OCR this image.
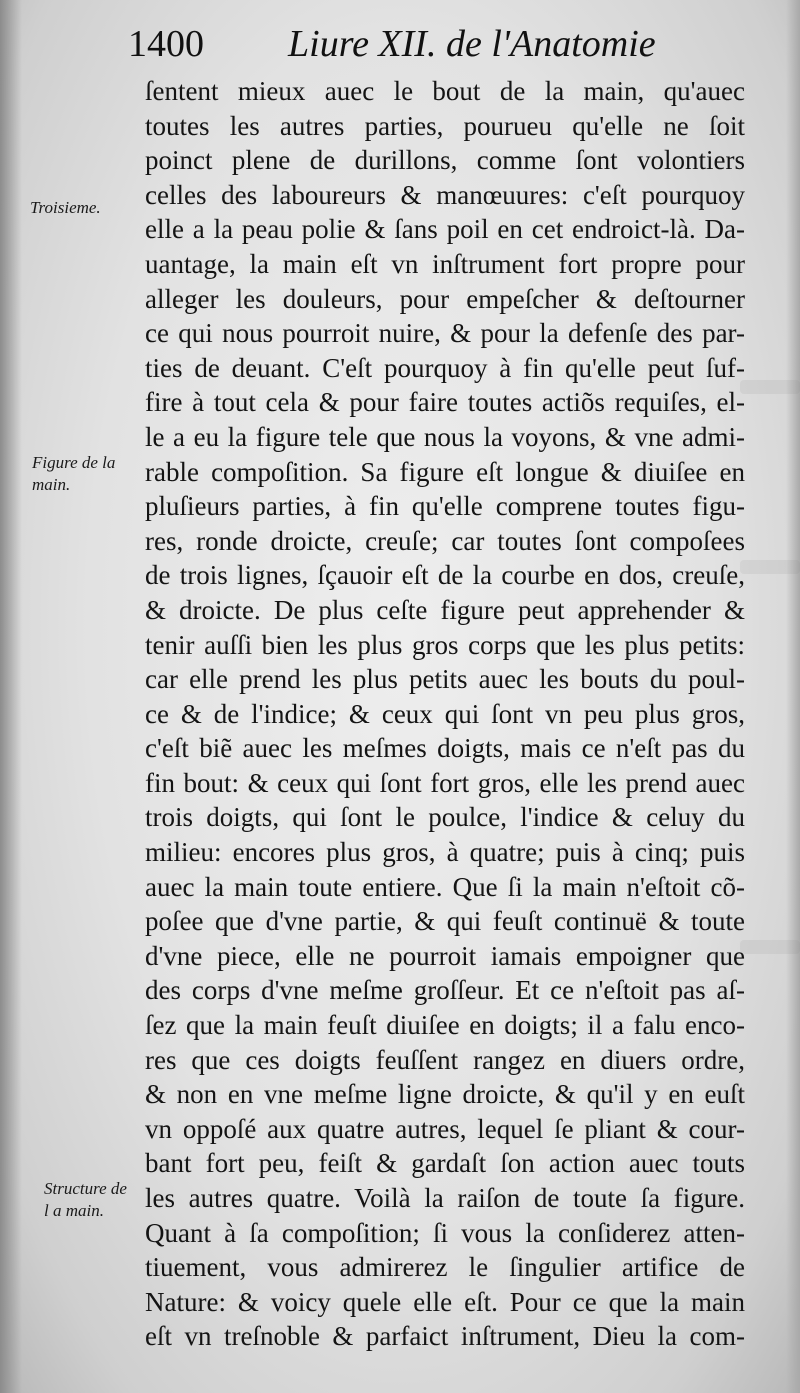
1400 Liure XII. de l'Anatomie
Troisieme.
Figure de la
main.
Structure de
l a main.
ſentent mieux auec le bout de la main, qu'auec
toutes les autres parties, pourueu qu'elle ne ſoit
poinct plene de durillons, comme ſont volontiers
celles des laboureurs & manœuures: c'eſt pourquoy
elle a la peau polie & ſans poil en cet endroict-là. Da-
uantage, la main eſt vn inſtrument fort propre pour
alleger les douleurs, pour empeſcher & deſtourner
ce qui nous pourroit nuire, & pour la defenſe des par-
ties de deuant. C'eſt pourquoy à fin qu'elle peut ſuf-
fire à tout cela & pour faire toutes actiõs requiſes, el-
le a eu la figure tele que nous la voyons, & vne admi-
rable compoſition. Sa figure eſt longue & diuiſee en
pluſieurs parties, à fin qu'elle comprene toutes figu-
res, ronde droicte, creuſe; car toutes ſont compoſees
de trois lignes, ſçauoir eſt de la courbe en dos, creuſe,
& droicte. De plus ceſte figure peut apprehender &
tenir auſſi bien les plus gros corps que les plus petits:
car elle prend les plus petits auec les bouts du poul-
ce & de l'indice; & ceux qui ſont vn peu plus gros,
c'eſt biẽ auec les meſmes doigts, mais ce n'eſt pas du
fin bout: & ceux qui ſont fort gros, elle les prend auec
trois doigts, qui ſont le poulce, l'indice & celuy du
milieu: encores plus gros, à quatre; puis à cinq; puis
auec la main toute entiere. Que ſi la main n'eſtoit cõ-
poſee que d'vne partie, & qui feuſt continuë & toute
d'vne piece, elle ne pourroit iamais empoigner que
des corps d'vne meſme groſſeur. Et ce n'eſtoit pas aſ-
ſez que la main feuſt diuiſee en doigts; il a falu enco-
res que ces doigts feuſſent rangez en diuers ordre,
& non en vne meſme ligne droicte, & qu'il y en euſt
vn oppoſé aux quatre autres, lequel ſe pliant & cour-
bant fort peu, feiſt & gardaſt ſon action auec touts
les autres quatre. Voilà la raiſon de toute ſa figure.
Quant à ſa compoſition; ſi vous la conſiderez atten-
tiuement, vous admirerez le ſingulier artifice de
Nature: & voicy quele elle eſt. Pour ce que la main
eſt vn treſnoble & parfaict inſtrument, Dieu la com-
